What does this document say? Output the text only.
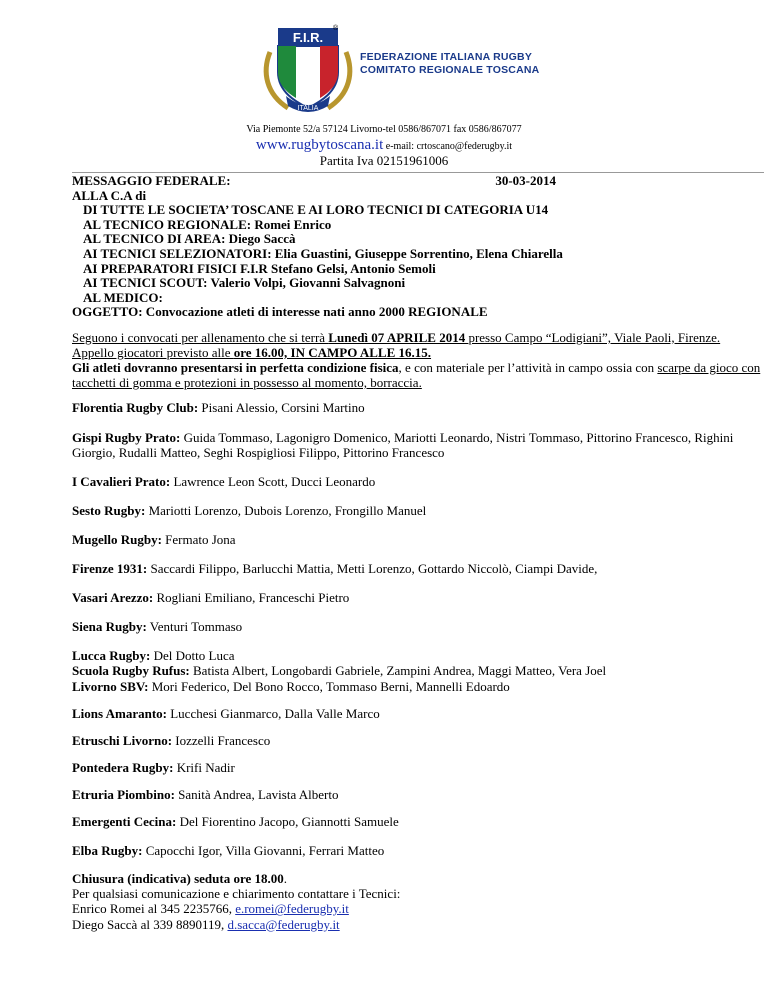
ITALIA
F.I.R.
®
FEDERAZIONE ITALIANA RUGBY
COMITATO REGIONALE TOSCANA
Via Piemonte 52/a 57124 Livorno-tel 0586/867071 fax 0586/867077
www.rugbytoscana.it e-mail: crtoscano@federugby.it
Partita Iva 02151961006
MESSAGGIO FEDERALE:	30-03-2014
ALLA C.A di
DI TUTTE LE SOCIETA’ TOSCANE E AI LORO TECNICI DI CATEGORIA U14
AL TECNICO REGIONALE: Romei Enrico
AL TECNICO DI AREA: Diego Saccà
AI TECNICI SELEZIONATORI: Elia Guastini, Giuseppe Sorrentino, Elena Chiarella
AI PREPARATORI FISICI F.I.R Stefano Gelsi, Antonio Semoli
AI TECNICI SCOUT: Valerio Volpi, Giovanni Salvagnoni
AL MEDICO:
OGGETTO: Convocazione atleti di interesse nati anno 2000 REGIONALE
Seguono i convocati per allenamento che si terrà Lunedì 07 APRILE 2014 presso Campo “Lodigiani”, Viale Paoli, Firenze. Appello giocatori previsto alle ore 16.00, IN CAMPO ALLE 16.15.
Gli atleti dovranno presentarsi in perfetta condizione fisica, e con materiale per l’attività in campo ossia con scarpe da gioco con tacchetti di gomma e protezioni in possesso al momento, borraccia.
Florentia Rugby Club: Pisani Alessio, Corsini Martino
Gispi Rugby Prato: Guida Tommaso, Lagonigro Domenico, Mariotti Leonardo, Nistri Tommaso, Pittorino Francesco, Righini Giorgio, Rudalli Matteo, Seghi Rospigliosi Filippo, Pittorino Francesco
I Cavalieri Prato: Lawrence Leon Scott, Ducci Leonardo
Sesto Rugby: Mariotti Lorenzo, Dubois Lorenzo, Frongillo Manuel
Mugello Rugby: Fermato Jona
Firenze 1931: Saccardi Filippo, Barlucchi Mattia, Metti Lorenzo, Gottardo Niccolò, Ciampi Davide,
Vasari Arezzo: Rogliani Emiliano, Franceschi Pietro
Siena Rugby: Venturi Tommaso
Lucca Rugby: Del Dotto Luca
Scuola Rugby Rufus: Batista Albert, Longobardi Gabriele, Zampini Andrea, Maggi Matteo, Vera Joel
Livorno SBV: Mori Federico, Del Bono Rocco, Tommaso Berni, Mannelli Edoardo
Lions Amaranto: Lucchesi Gianmarco, Dalla Valle Marco
Etruschi Livorno: Iozzelli Francesco
Pontedera Rugby: Krifi Nadir
Etruria Piombino: Sanità Andrea, Lavista Alberto
Emergenti Cecina: Del Fiorentino Jacopo, Giannotti Samuele
Chiusura (indicativa) seduta ore 18.00.
Per qualsiasi comunicazione e chiarimento contattare i Tecnici:
Enrico Romei al 345 2235766, e.romei@federugby.it
Diego Saccà al 339 8890119, d.sacca@federugby.it
Elba Rugby: Capocchi Igor, Villa Giovanni, Ferrari Matteo
